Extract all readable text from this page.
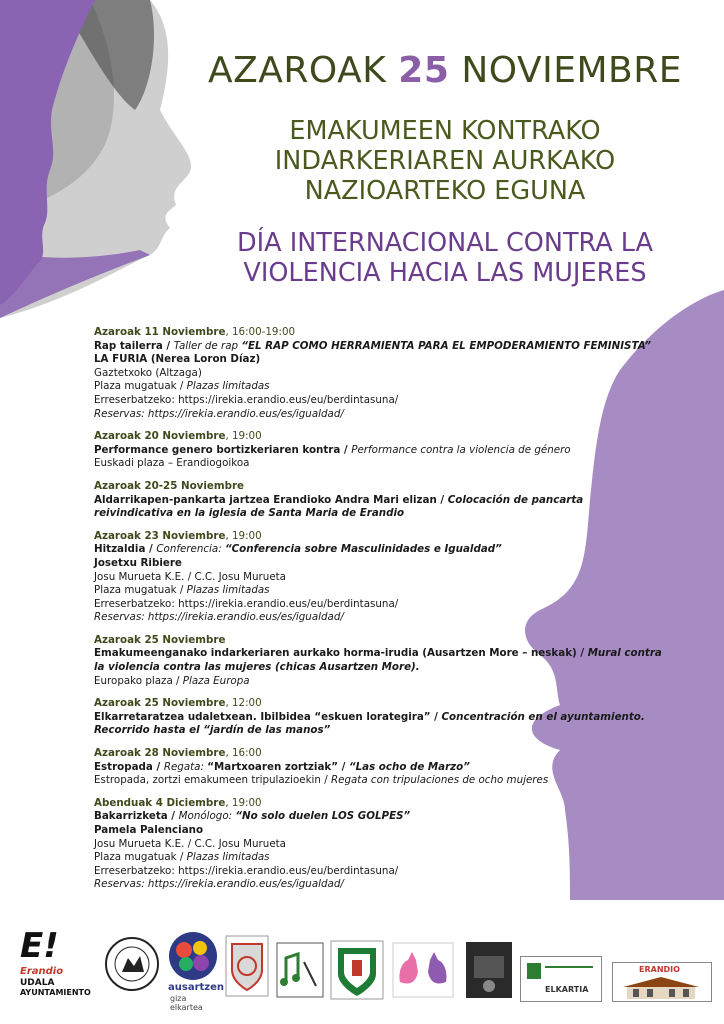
AZAROAK 25 NOVIEMBRE
EMAKUMEEN KONTRAKO
INDARKERIAREN AURKAKO
NAZIOARTEKO EGUNA
DÍA INTERNACIONAL CONTRA LA
VIOLENCIA HACIA LAS MUJERES
Azaroak 11 Noviembre, 16:00-19:00
Rap tailerra / Taller de rap “EL RAP COMO HERRAMIENTA PARA EL EMPODERAMIENTO FEMINISTA”
LA FURIA (Nerea Loron Díaz)
Gaztetxoko (Altzaga)
Plaza mugatuak / Plazas limitadas
Erreserbatzeko: https://irekia.erandio.eus/eu/berdintasuna/
Reservas: https://irekia.erandio.eus/es/igualdad/
Azaroak 20 Noviembre, 19:00
Performance genero bortizkeriaren kontra / Performance contra la violencia de género
Euskadi plaza – Erandiogoikoa
Azaroak 20-25 Noviembre
Aldarrikapen-pankarta jartzea Erandioko Andra Mari elizan / Colocación de pancarta reivindicativa en la iglesia de Santa Maria de Erandio
Azaroak 23 Noviembre, 19:00
Hitzaldia / Conferencia: “Conferencia sobre Masculinidades e Igualdad”
Josetxu Ribiere
Josu Murueta K.E. / C.C. Josu Murueta
Plaza mugatuak / Plazas limitadas
Erreserbatzeko: https://irekia.erandio.eus/eu/berdintasuna/
Reservas: https://irekia.erandio.eus/es/igualdad/
Azaroak 25 Noviembre
Emakumeenganako indarkeriaren aurkako horma-irudia (Ausartzen More – neskak) / Mural contra la violencia contra las mujeres (chicas Ausartzen More).
Europako plaza / Plaza Europa
Azaroak 25 Noviembre, 12:00
Elkarretaratzea udaletxean. Ibilbidea “eskuen lorategira” / Concentración en el ayuntamiento. Recorrido hasta el “jardín de las manos”
Azaroak 28 Noviembre, 16:00
Estropada / Regata: “Martxoaren zortziak” / “Las ocho de Marzo”
Estropada, zortzi emakumeen tripulazioekin / Regata con tripulaciones de ocho mujeres
Abenduak 4 Diciembre, 19:00
Bakarrizketa / Monólogo: “No solo duelen LOS GOLPES”
Pamela Palenciano
Josu Murueta K.E. / C.C. Josu Murueta
Plaza mugatuak / Plazas limitadas
Erreserbatzeko: https://irekia.erandio.eus/eu/berdintasuna/
Reservas: https://irekia.erandio.eus/es/igualdad/
E!
Erandio
UDALA
AYUNTAMIENTO	ausartzen
giza elkartea
ELKARTIA
ERANDIO
